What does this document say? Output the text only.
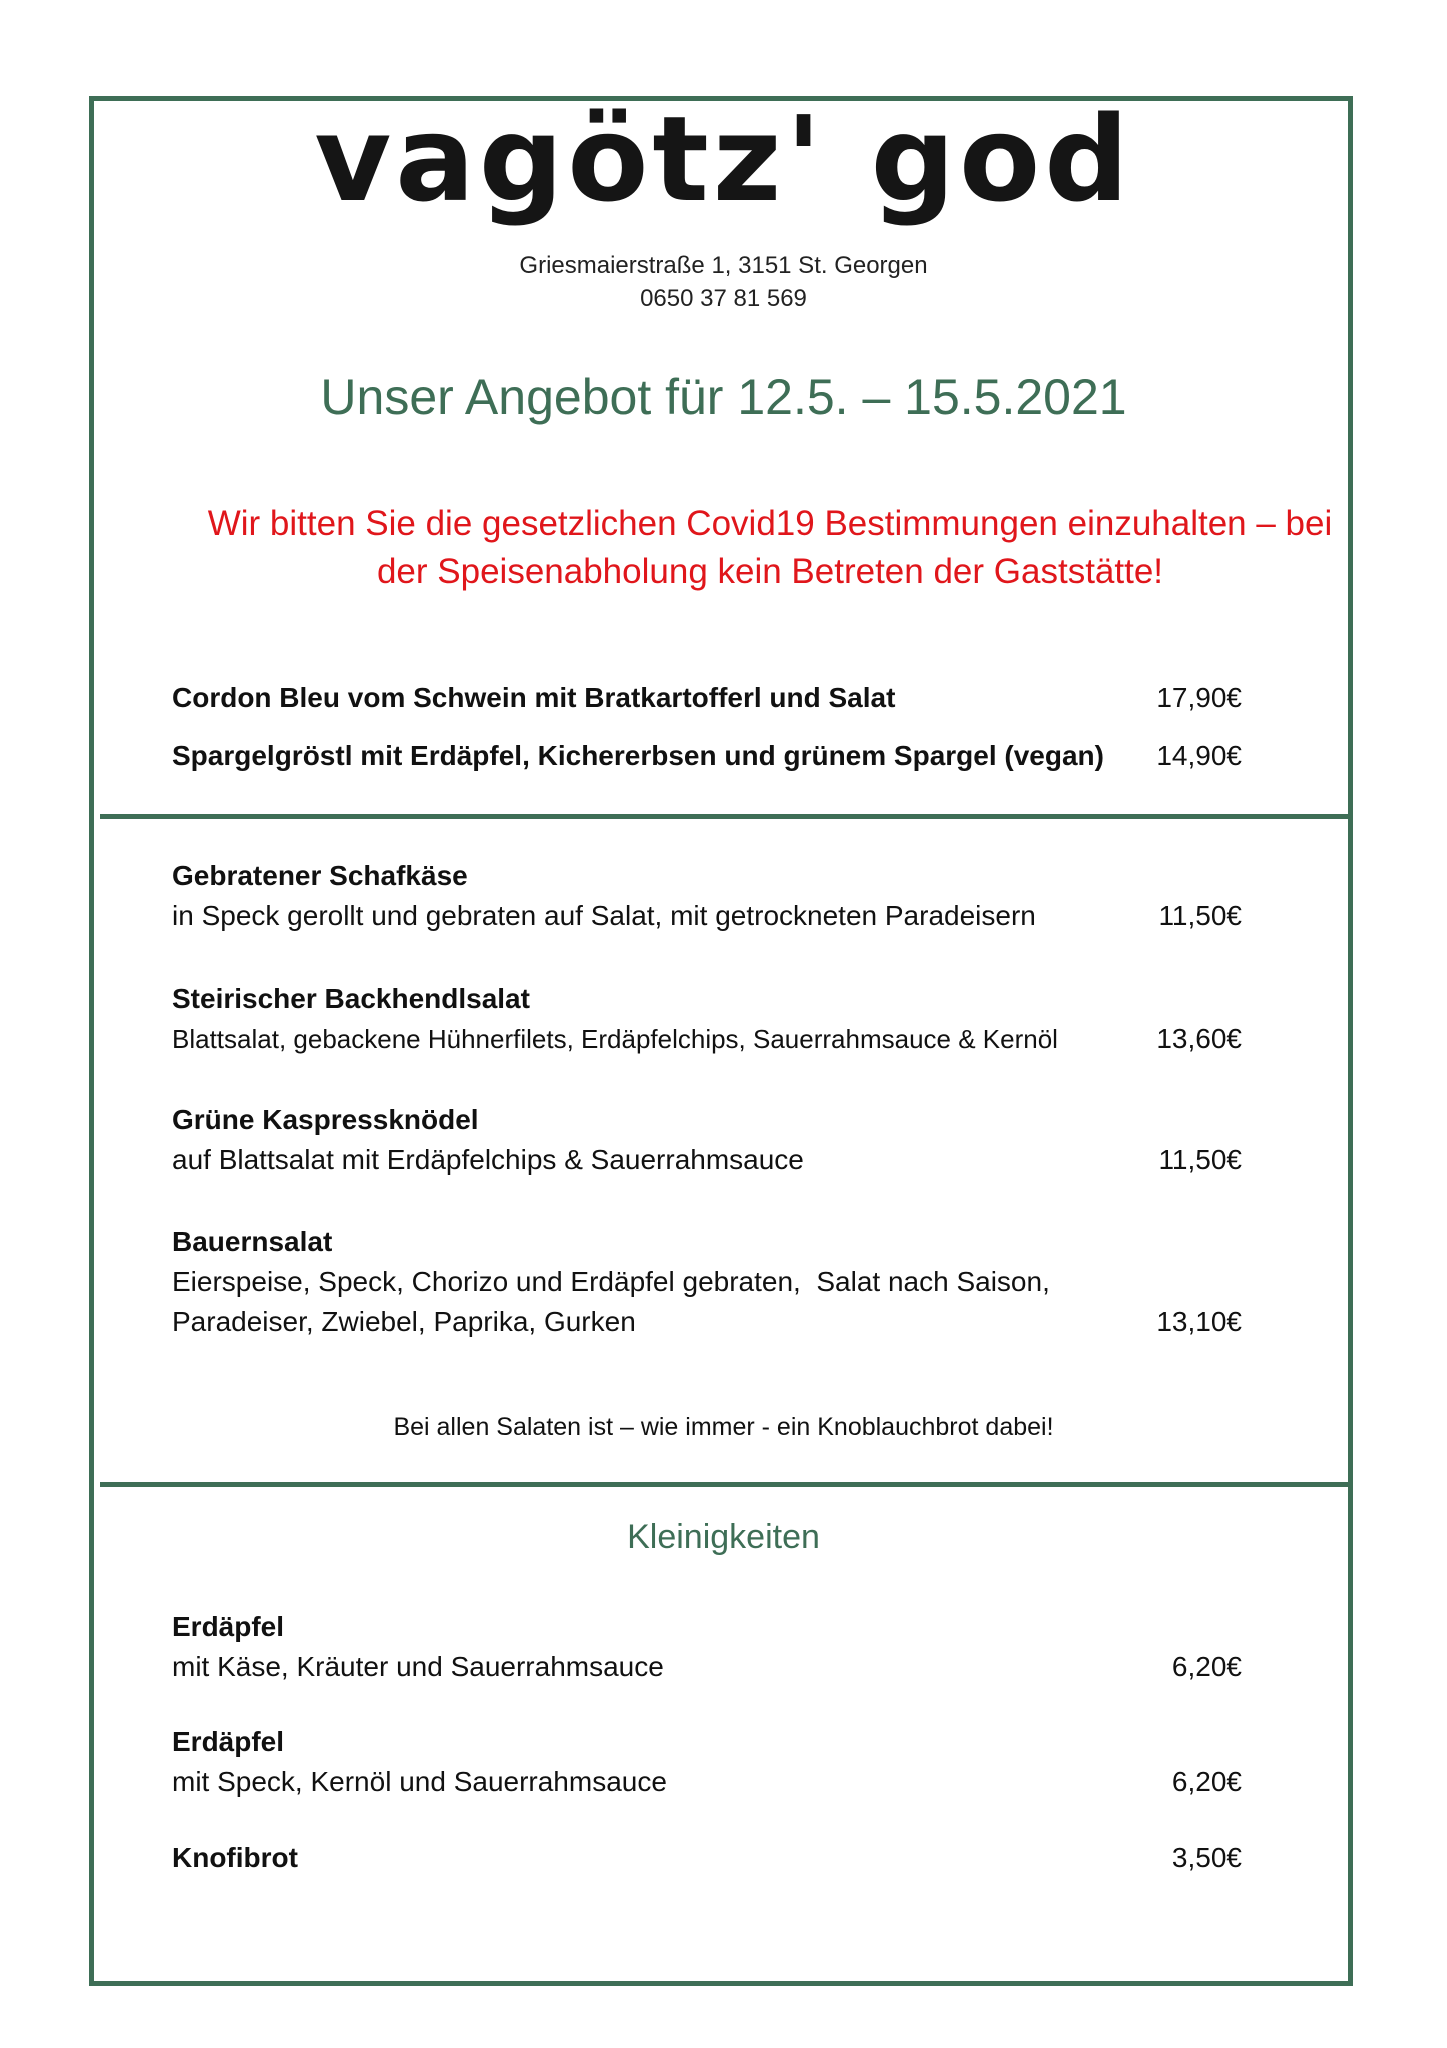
vagötz' god
Griesmaierstraße 1, 3151 St. Georgen
0650 37 81 569
Unser Angebot für 12.5. – 15.5.2021
Wir bitten Sie die gesetzlichen Covid19 Bestimmungen einzuhalten – bei der Speisenabholung kein Betreten der Gaststätte!
Cordon Bleu vom Schwein mit Bratkartofferl und Salat	17,90€
Spargelgröstl mit Erdäpfel, Kichererbsen und grünem Spargel (vegan)	14,90€
Gebratener Schafkäse
in Speck gerollt und gebraten auf Salat, mit getrockneten Paradeisern	11,50€
Steirischer Backhendlsalat
Blattsalat, gebackene Hühnerfilets, Erdäpfelchips, Sauerrahmsauce & Kernöl	13,60€
Grüne Kaspressknödel
auf Blattsalat mit Erdäpfelchips & Sauerrahmsauce	11,50€
Bauernsalat
Eierspeise, Speck, Chorizo und Erdäpfel gebraten,  Salat nach Saison,
Paradeiser, Zwiebel, Paprika, Gurken	13,10€
Bei allen Salaten ist – wie immer - ein Knoblauchbrot dabei!
Kleinigkeiten
Erdäpfel
mit Käse, Kräuter und Sauerrahmsauce	6,20€
Erdäpfel
mit Speck, Kernöl und Sauerrahmsauce	6,20€
Knofibrot	3,50€
